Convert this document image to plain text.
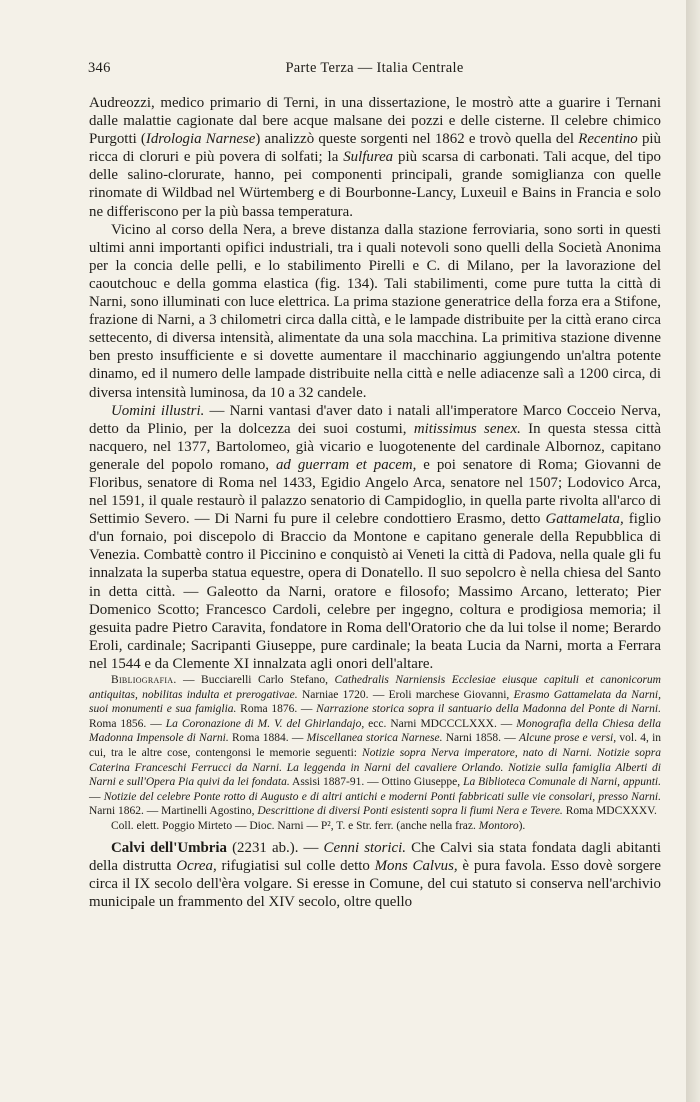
346	Parte Terza — Italia Centrale

Audreozzi, medico primario di Terni, in una dissertazione, le mostrò atte a guarire i Ternani dalle malattie cagionate dal bere acque malsane dei pozzi e delle cisterne. Il celebre chimico Purgotti (Idrologia Narnese) analizzò queste sorgenti nel 1862 e trovò quella del Recentino più ricca di cloruri e più povera di solfati; la Sulfurea più scarsa di carbonati. Tali acque, del tipo delle salino-clorurate, hanno, pei componenti principali, grande somiglianza con quelle rinomate di Wildbad nel Würtemberg e di Bourbonne-Lancy, Luxeuil e Bains in Francia e solo ne differiscono per la più bassa temperatura.

Vicino al corso della Nera, a breve distanza dalla stazione ferroviaria, sono sorti in questi ultimi anni importanti opifici industriali, tra i quali notevoli sono quelli della Società Anonima per la concia delle pelli, e lo stabilimento Pirelli e C. di Milano, per la lavorazione del caoutchouc e della gomma elastica (fig. 134). Tali stabilimenti, come pure tutta la città di Narni, sono illuminati con luce elettrica. La prima stazione generatrice della forza era a Stifone, frazione di Narni, a 3 chilometri circa dalla città, e le lampade distribuite per la città erano circa settecento, di diversa intensità, alimentate da una sola macchina. La primitiva stazione divenne ben presto insufficiente e si dovette aumentare il macchinario aggiungendo un'altra potente dinamo, ed il numero delle lampade distribuite nella città e nelle adiacenze salì a 1200 circa, di diversa intensità luminosa, da 10 a 32 candele.

Uomini illustri. — Narni vantasi d'aver dato i natali all'imperatore Marco Cocceio Nerva, detto da Plinio, per la dolcezza dei suoi costumi, mitissimus senex. In questa stessa città nacquero, nel 1377, Bartolomeo, già vicario e luogotenente del cardinale Albornoz, capitano generale del popolo romano, ad guerram et pacem, e poi senatore di Roma; Giovanni de Floribus, senatore di Roma nel 1433, Egidio Angelo Arca, senatore nel 1507; Lodovico Arca, nel 1591, il quale restaurò il palazzo senatorio di Campidoglio, in quella parte rivolta all'arco di Settimio Severo. — Di Narni fu pure il celebre condottiero Erasmo, detto Gattamelata, figlio d'un fornaio, poi discepolo di Braccio da Montone e capitano generale della Repubblica di Venezia. Combattè contro il Piccinino e conquistò ai Veneti la città di Padova, nella quale gli fu innalzata la superba statua equestre, opera di Donatello. Il suo sepolcro è nella chiesa del Santo in detta città. — Galeotto da Narni, oratore e filosofo; Massimo Arcano, letterato; Pier Domenico Scotto; Francesco Cardoli, celebre per ingegno, coltura e prodigiosa memoria; il gesuita padre Pietro Caravita, fondatore in Roma dell'Oratorio che da lui tolse il nome; Berardo Eroli, cardinale; Sacripanti Giuseppe, pure cardinale; la beata Lucia da Narni, morta a Ferrara nel 1544 e da Clemente XI innalzata agli onori dell'altare.

Bibliografia. — Bucciarelli Carlo Stefano, Cathedralis Narniensis Ecclesiae eiusque capituli et canonicorum antiquitas, nobilitas indulta et prerogativae. Narniae 1720. — Eroli marchese Giovanni, Erasmo Gattamelata da Narni, suoi monumenti e sua famiglia. Roma 1876. — Narrazione storica sopra il santuario della Madonna del Ponte di Narni. Roma 1856. — La Coronazione di M. V. del Ghirlandajo, ecc. Narni MDCCCLXXX. — Monografia della Chiesa della Madonna Impensole di Narni. Roma 1884. — Miscellanea storica Narnese. Narni 1858. — Alcune prose e versi, vol. 4, in cui, tra le altre cose, contengonsi le memorie seguenti: Notizie sopra Nerva imperatore, nato di Narni. Notizie sopra Caterina Franceschi Ferrucci da Narni. La leggenda in Narni del cavaliere Orlando. Notizie sulla famiglia Alberti di Narni e sull'Opera Pia quivi da lei fondata. Assisi 1887-91. — Ottino Giuseppe, La Biblioteca Comunale di Narni, appunti. — Notizie del celebre Ponte rotto di Augusto e di altri antichi e moderni Ponti fabbricati sulle vie consolari, presso Narni. Narni 1862. — Martinelli Agostino, Descrittione di diversi Ponti esistenti sopra li fiumi Nera e Tevere. Roma MDCXXXV.

Coll. elett. Poggio Mirteto — Dioc. Narni — P², T. e Str. ferr. (anche nella fraz. Montoro).

Calvi dell'Umbria (2231 ab.). — Cenni storici. Che Calvi sia stata fondata dagli abitanti della distrutta Ocrea, rifugiatisi sul colle detto Mons Calvus, è pura favola. Esso dovè sorgere circa il IX secolo dell'èra volgare. Si eresse in Comune, del cui statuto si conserva nell'archivio municipale un frammento del XIV secolo, oltre quello
